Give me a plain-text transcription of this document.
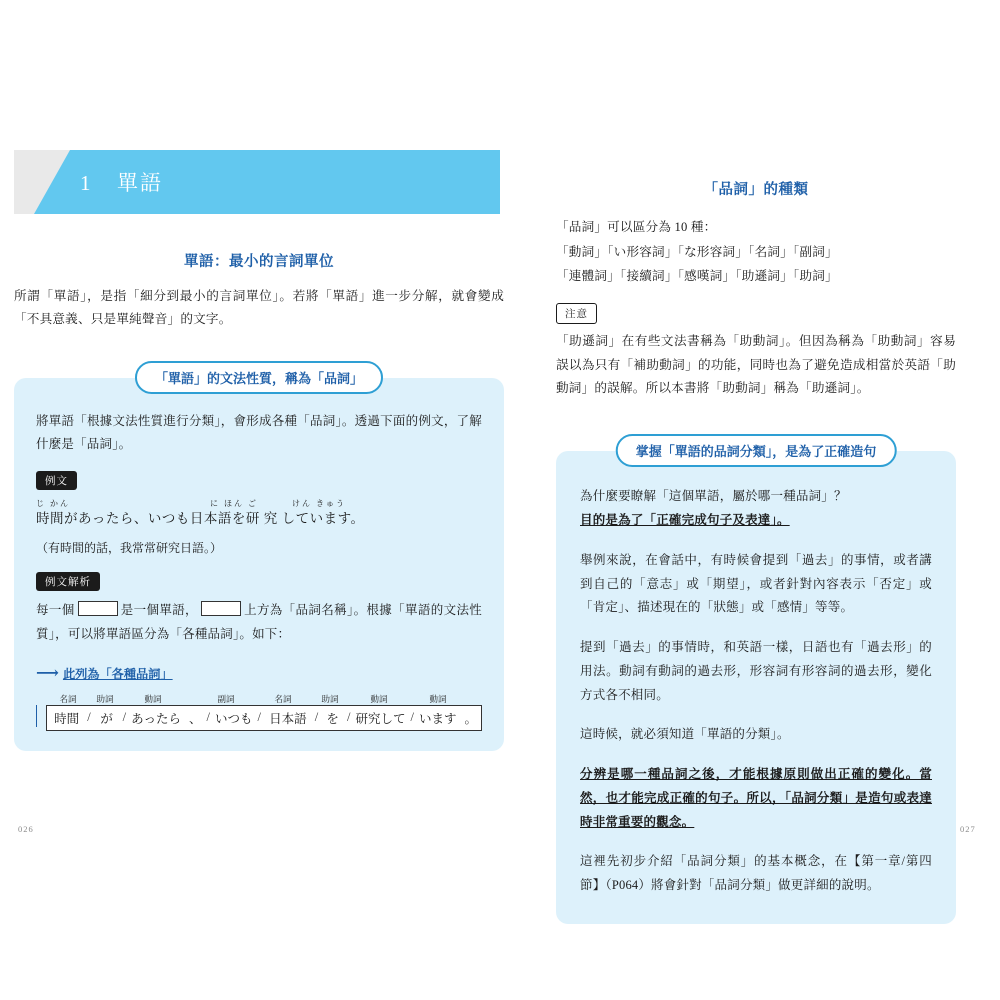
1 單語
單語：最小的言詞單位
所謂「單語」，是指「細分到最小的言詞單位」。若將「單語」進一步分解，就會變成「不具意義、只是單純聲音」的文字。
「單語」的文法性質，稱為「品詞」
將單語「根據文法性質進行分類」，會形成各種「品詞」。透過下面的例文，了解什麼是「品詞」。
例文
じ かん　　　　　　　　　　　　　　に ほん ご　　　 けん きゅう
時間があったら、いつも日本語を研 究 しています。
（有時間的話，我常常研究日語。）
例文解析
每一個	是一個單語，	上方為「品詞名稱」。根據「單語的文法性質」，可以將單語區分為「各種品詞」。如下：
⟶ 此列為「各種品詞」
名詞	助詞	動詞	副詞	名詞	助詞	動詞	動詞
時間 / が / あったら 、 / いつも / 日本語 / を / 研究して / います 。
026
「品詞」的種類
「品詞」可以區分為 10 種：
「動詞」「い形容詞」「な形容詞」「名詞」「副詞」
「連體詞」「接續詞」「感嘆詞」「助遜詞」「助詞」
注意
「助遜詞」在有些文法書稱為「助動詞」。但因為稱為「助動詞」容易誤以為只有「補助動詞」的功能，同時也為了避免造成相當於英語「助動詞」的誤解。所以本書將「助動詞」稱為「助遜詞」。
掌握「單語的品詞分類」，是為了正確造句
為什麼要瞭解「這個單語，屬於哪一種品詞」？
目的是為了「正確完成句子及表達」。
舉例來說，在會話中，有時候會提到「過去」的事情，或者講到自己的「意志」或「期望」，或者針對內容表示「否定」或「肯定」、描述現在的「狀態」或「感情」等等。
提到「過去」的事情時，和英語一樣，日語也有「過去形」的用法。動詞有動詞的過去形，形容詞有形容詞的過去形，變化方式各不相同。
這時候，就必須知道「單語的分類」。
分辨是哪一種品詞之後，才能根據原則做出正確的變化。當然，也才能完成正確的句子。所以，「品詞分類」是造句或表達時非常重要的觀念。
這裡先初步介紹「品詞分類」的基本概念，在【第一章/第四節】（P064）將會針對「品詞分類」做更詳細的說明。
027
